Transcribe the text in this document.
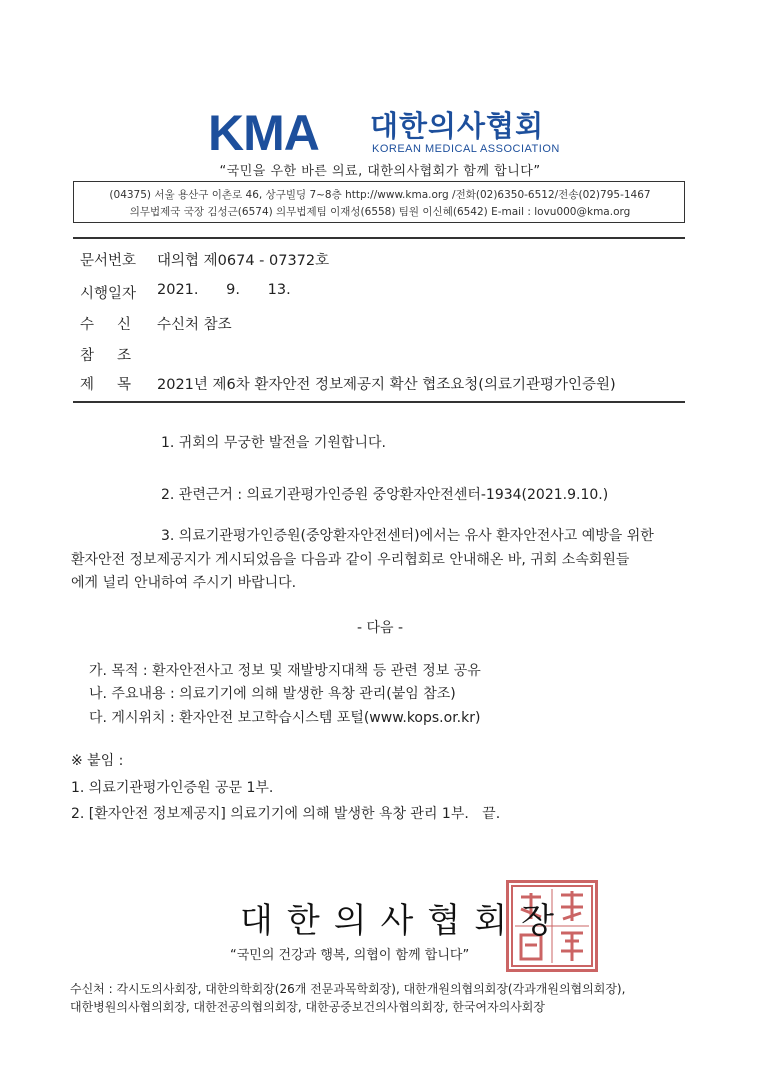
KMA 대한의사협회
KOREAN MEDICAL ASSOCIATION
“국민을 우한 바른 의료, 대한의사협회가 함께 합니다”
(04375) 서울 용산구 이촌로 46, 상구빌딩 7~8층 http://www.kma.org /전화(02)6350-6512/전송(02)795-1467
의무법제국 국장 김성근(6574) 의무법제팀 이재성(6558) 팀원 이신혜(6542) E-mail : lovu000@kma.org
문서번호 대의협 제0674 - 07372호
시행일자 2021.      9.      13.
수     신 수신처 참조
참     조
제     목 2021년 제6차 환자안전 정보제공지 확산 협조요청(의료기관평가인증원)
1. 귀회의 무궁한 발전을 기원합니다.
2. 관련근거 : 의료기관평가인증원 중앙환자안전센터-1934(2021.9.10.)
3. 의료기관평가인증원(중앙환자안전센터)에서는 유사 환자안전사고 예방을 위한
환자안전 정보제공지가 게시되었음을 다음과 같이 우리협회로 안내해온 바, 귀회 소속회원들
에게 널리 안내하여 주시기 바랍니다.
- 다음 -
가. 목적 : 환자안전사고 정보 및 재발방지대책 등 관련 정보 공유
나. 주요내용 : 의료기기에 의해 발생한 욕창 관리(붙임 참조)
다. 게시위치 : 환자안전 보고학습시스템 포털(www.kops.or.kr)
※ 붙임 :
1. 의료기관평가인증원 공문 1부.
2. [환자안전 정보제공지] 의료기기에 의해 발생한 욕창 관리 1부.   끝.
대한의사협회장
“국민의 건강과 행복, 의협이 함께 합니다”
수신처 : 각시도의사회장, 대한의학회장(26개 전문과목학회장), 대한개원의협의회장(각과개원의협의회장),
대한병원의사협의회장, 대한전공의협의회장, 대한공중보건의사협의회장, 한국여자의사회장
